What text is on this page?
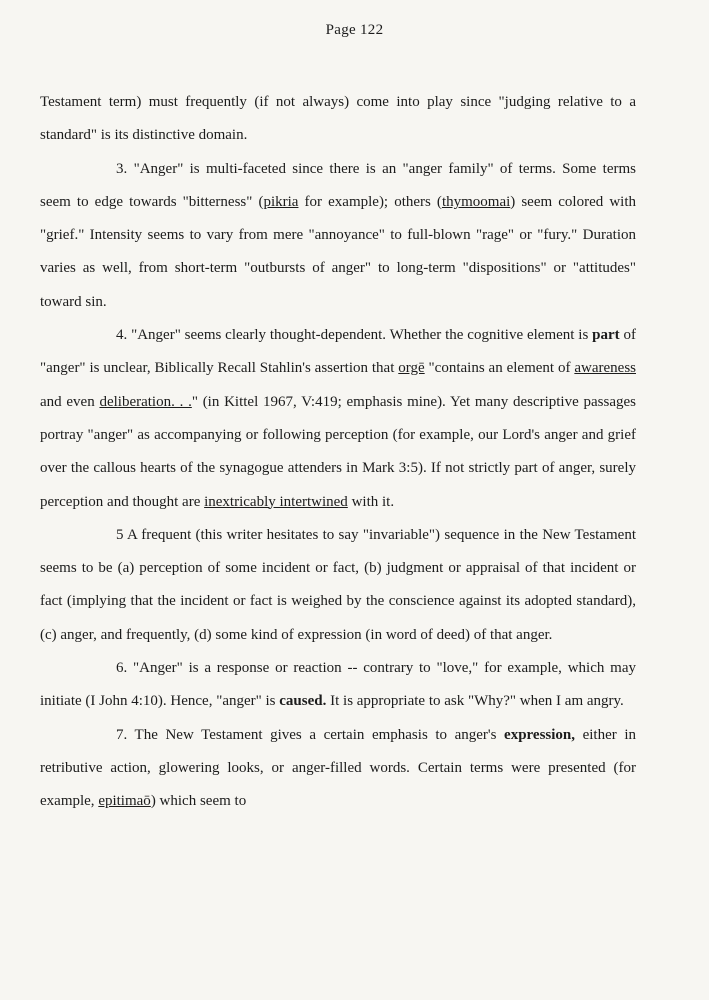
Page 122

Testament term) must frequently (if not always) come into play since "judging relative to a standard" is its distinctive domain.

3. "Anger" is multi-faceted since there is an "anger family" of terms. Some terms seem to edge towards "bitterness" (pikria for example); others (thymoomai) seem colored with "grief." Intensity seems to vary from mere "annoyance" to full-blown "rage" or "fury." Duration varies as well, from short-term "outbursts of anger" to long-term "dispositions" or "attitudes" toward sin.

4. "Anger" seems clearly thought-dependent. Whether the cognitive element is part of "anger" is unclear, Biblically Recall Stahlin's assertion that orgē "contains an element of awareness and even deliberation. . ." (in Kittel 1967, V:419; emphasis mine). Yet many descriptive passages portray "anger" as accompanying or following perception (for example, our Lord's anger and grief over the callous hearts of the synagogue attenders in Mark 3:5). If not strictly part of anger, surely perception and thought are inextricably intertwined with it.

5 A frequent (this writer hesitates to say "invariable") sequence in the New Testament seems to be (a) perception of some incident or fact, (b) judgment or appraisal of that incident or fact (implying that the incident or fact is weighed by the conscience against its adopted standard), (c) anger, and frequently, (d) some kind of expression (in word of deed) of that anger.

6. "Anger" is a response or reaction -- contrary to "love," for example, which may initiate (I John 4:10). Hence, "anger" is caused. It is appropriate to ask "Why?" when I am angry.

7. The New Testament gives a certain emphasis to anger's expression, either in retributive action, glowering looks, or anger-filled words. Certain terms were presented (for example, epitimaō) which seem to
